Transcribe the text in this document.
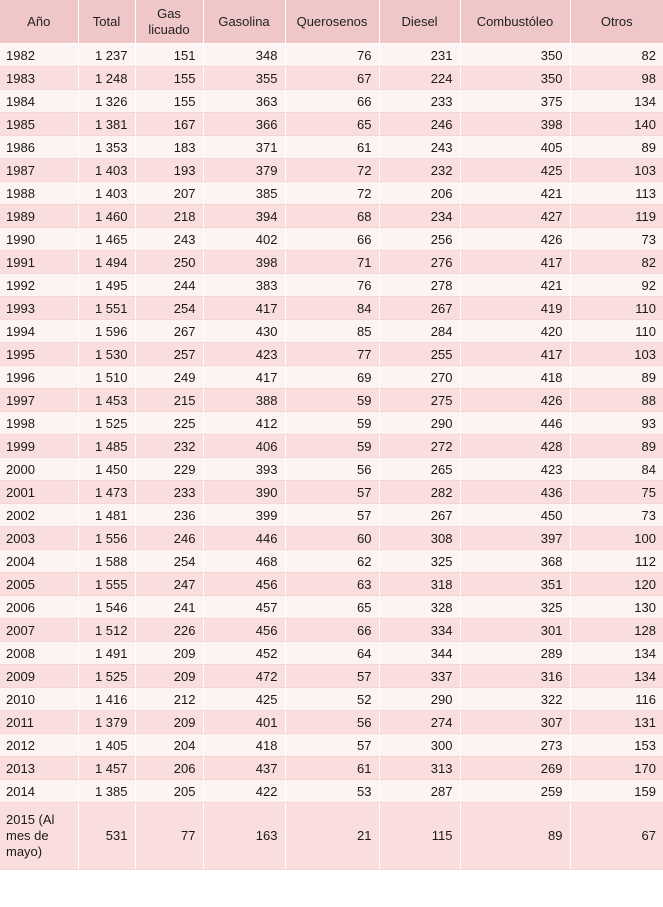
Año	Total	Gas licuado	Gasolina	Querosenos	Diesel	Combustóleo	Otros
1982	1 237	151	348	76	231	350	82
1983	1 248	155	355	67	224	350	98
1984	1 326	155	363	66	233	375	134
1985	1 381	167	366	65	246	398	140
1986	1 353	183	371	61	243	405	89
1987	1 403	193	379	72	232	425	103
1988	1 403	207	385	72	206	421	113
1989	1 460	218	394	68	234	427	119
1990	1 465	243	402	66	256	426	73
1991	1 494	250	398	71	276	417	82
1992	1 495	244	383	76	278	421	92
1993	1 551	254	417	84	267	419	110
1994	1 596	267	430	85	284	420	110
1995	1 530	257	423	77	255	417	103
1996	1 510	249	417	69	270	418	89
1997	1 453	215	388	59	275	426	88
1998	1 525	225	412	59	290	446	93
1999	1 485	232	406	59	272	428	89
2000	1 450	229	393	56	265	423	84
2001	1 473	233	390	57	282	436	75
2002	1 481	236	399	57	267	450	73
2003	1 556	246	446	60	308	397	100
2004	1 588	254	468	62	325	368	112
2005	1 555	247	456	63	318	351	120
2006	1 546	241	457	65	328	325	130
2007	1 512	226	456	66	334	301	128
2008	1 491	209	452	64	344	289	134
2009	1 525	209	472	57	337	316	134
2010	1 416	212	425	52	290	322	116
2011	1 379	209	401	56	274	307	131
2012	1 405	204	418	57	300	273	153
2013	1 457	206	437	61	313	269	170
2014	1 385	205	422	53	287	259	159
2015 (Al mes de mayo)	531	77	163	21	115	89	67
